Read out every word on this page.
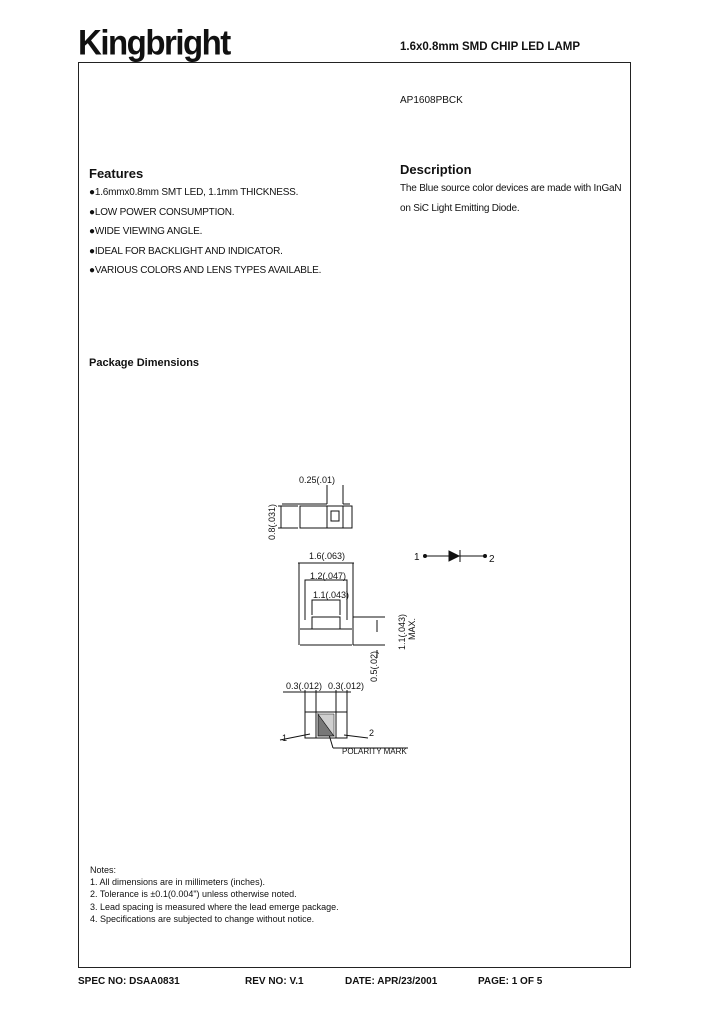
Kingbright	1.6x0.8mm SMD CHIP LED LAMP
AP1608PBCK
Features
●1.6mmx0.8mm SMT LED, 1.1mm THICKNESS.
●LOW POWER CONSUMPTION.
●WIDE VIEWING ANGLE.
●IDEAL FOR BACKLIGHT AND INDICATOR.
●VARIOUS COLORS AND LENS TYPES AVAILABLE.
Description
The Blue source color devices are made with InGaN
on SiC Light Emitting Diode.
Package Dimensions
0.25(.01)
0.8(.031)
1.6(.063)
1.2(.047)
1.1(.043)
1.1(.043) MAX.
0.5(.02)
0.3(.012) 0.3(.012)
1	2
POLARITY MARK
1	2
Notes:
1. All dimensions are in millimeters (inches).
2. Tolerance is ±0.1(0.004") unless otherwise noted.
3. Lead spacing is measured where the lead emerge package.
4. Specifications are subjected to change without notice.
SPEC NO: DSAA0831	REV NO: V.1	DATE: APR/23/2001	PAGE: 1 OF 5
